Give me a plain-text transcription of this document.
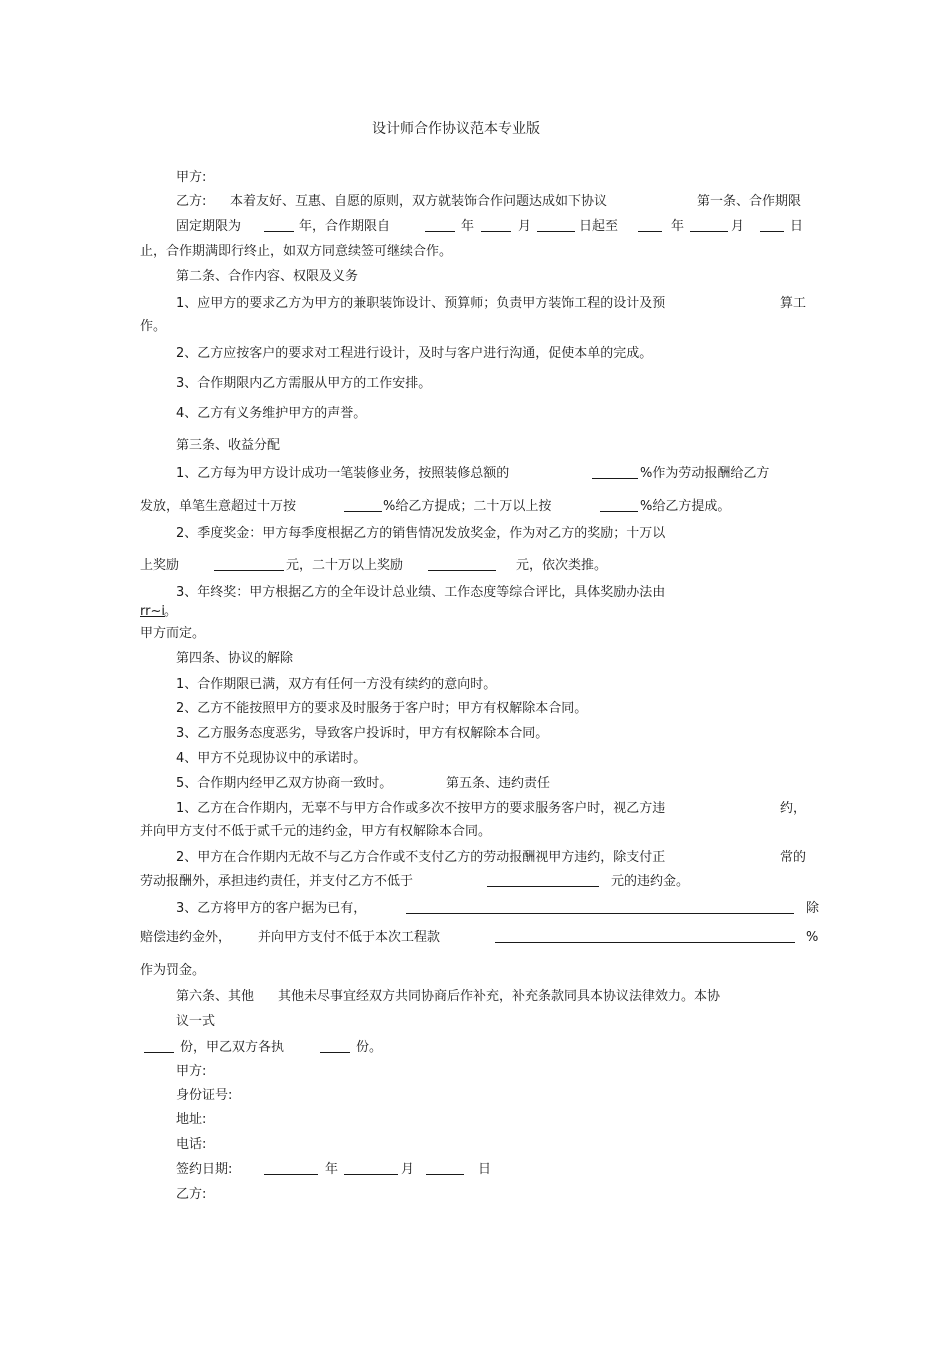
设计师合作协议范本专业版
甲方:
乙方: 本着友好、互惠、自愿的原则，双方就装饰合作问题达成如下协议	第一条、合作期限
固定期限为	年，合作期限自	年	月	日起至	年	月	日
止，合作期满即行终止，如双方同意续签可继续合作。
第二条、合作内容、权限及义务
1、应甲方的要求乙方为甲方的兼职装饰设计、预算师；负责甲方装饰工程的设计及预	算工
作。
2、乙方应按客户的要求对工程进行设计，及时与客户进行沟通，促使本单的完成。
3、合作期限内乙方需服从甲方的工作安排。
4、乙方有义务维护甲方的声誉。
第三条、收益分配
1、乙方每为甲方设计成功一笔装修业务，按照装修总额的	%作为劳动报酬给乙方
发放，单笔生意超过十万按	%给乙方提成；二十万以上按	%给乙方提成。
2、季度奖金：甲方每季度根据乙方的销售情况发放奖金，作为对乙方的奖励；十万以
上奖励	元，二十万以上奖励	元，依次类推。
3、年终奖：甲方根据乙方的全年设计总业绩、工作态度等综合评比，具体奖励办法由
rr~i 。
甲方而定。
第四条、协议的解除
1、合作期限已满，双方有任何一方没有续约的意向时。
2、乙方不能按照甲方的要求及时服务于客户时；甲方有权解除本合同。
3、乙方服务态度恶劣，导致客户投诉时，甲方有权解除本合同。
4、甲方不兑现协议中的承诺时。
5、合作期内经甲乙双方协商一致时。	第五条、违约责任
1、乙方在合作期内，无辜不与甲方合作或多次不按甲方的要求服务客户时，视乙方违	约，
并向甲方支付不低于贰千元的违约金，甲方有权解除本合同。
2、甲方在合作期内无故不与乙方合作或不支付乙方的劳动报酬视甲方违约，除支付正	常的
劳动报酬外，承担违约责任，并支付乙方不低于	元的违约金。
3、乙方将甲方的客户据为已有，	除
赔偿违约金外， 并向甲方支付不低于本次工程款	%
作为罚金。
第六条、其他 其他未尽事宜经双方共同协商后作补充，补充条款同具本协议法律效力。本协
议一式
份，甲乙双方各执	份。
甲方:
身份证号:
地址:
电话:
签约日期:	年	月	日
乙方:
